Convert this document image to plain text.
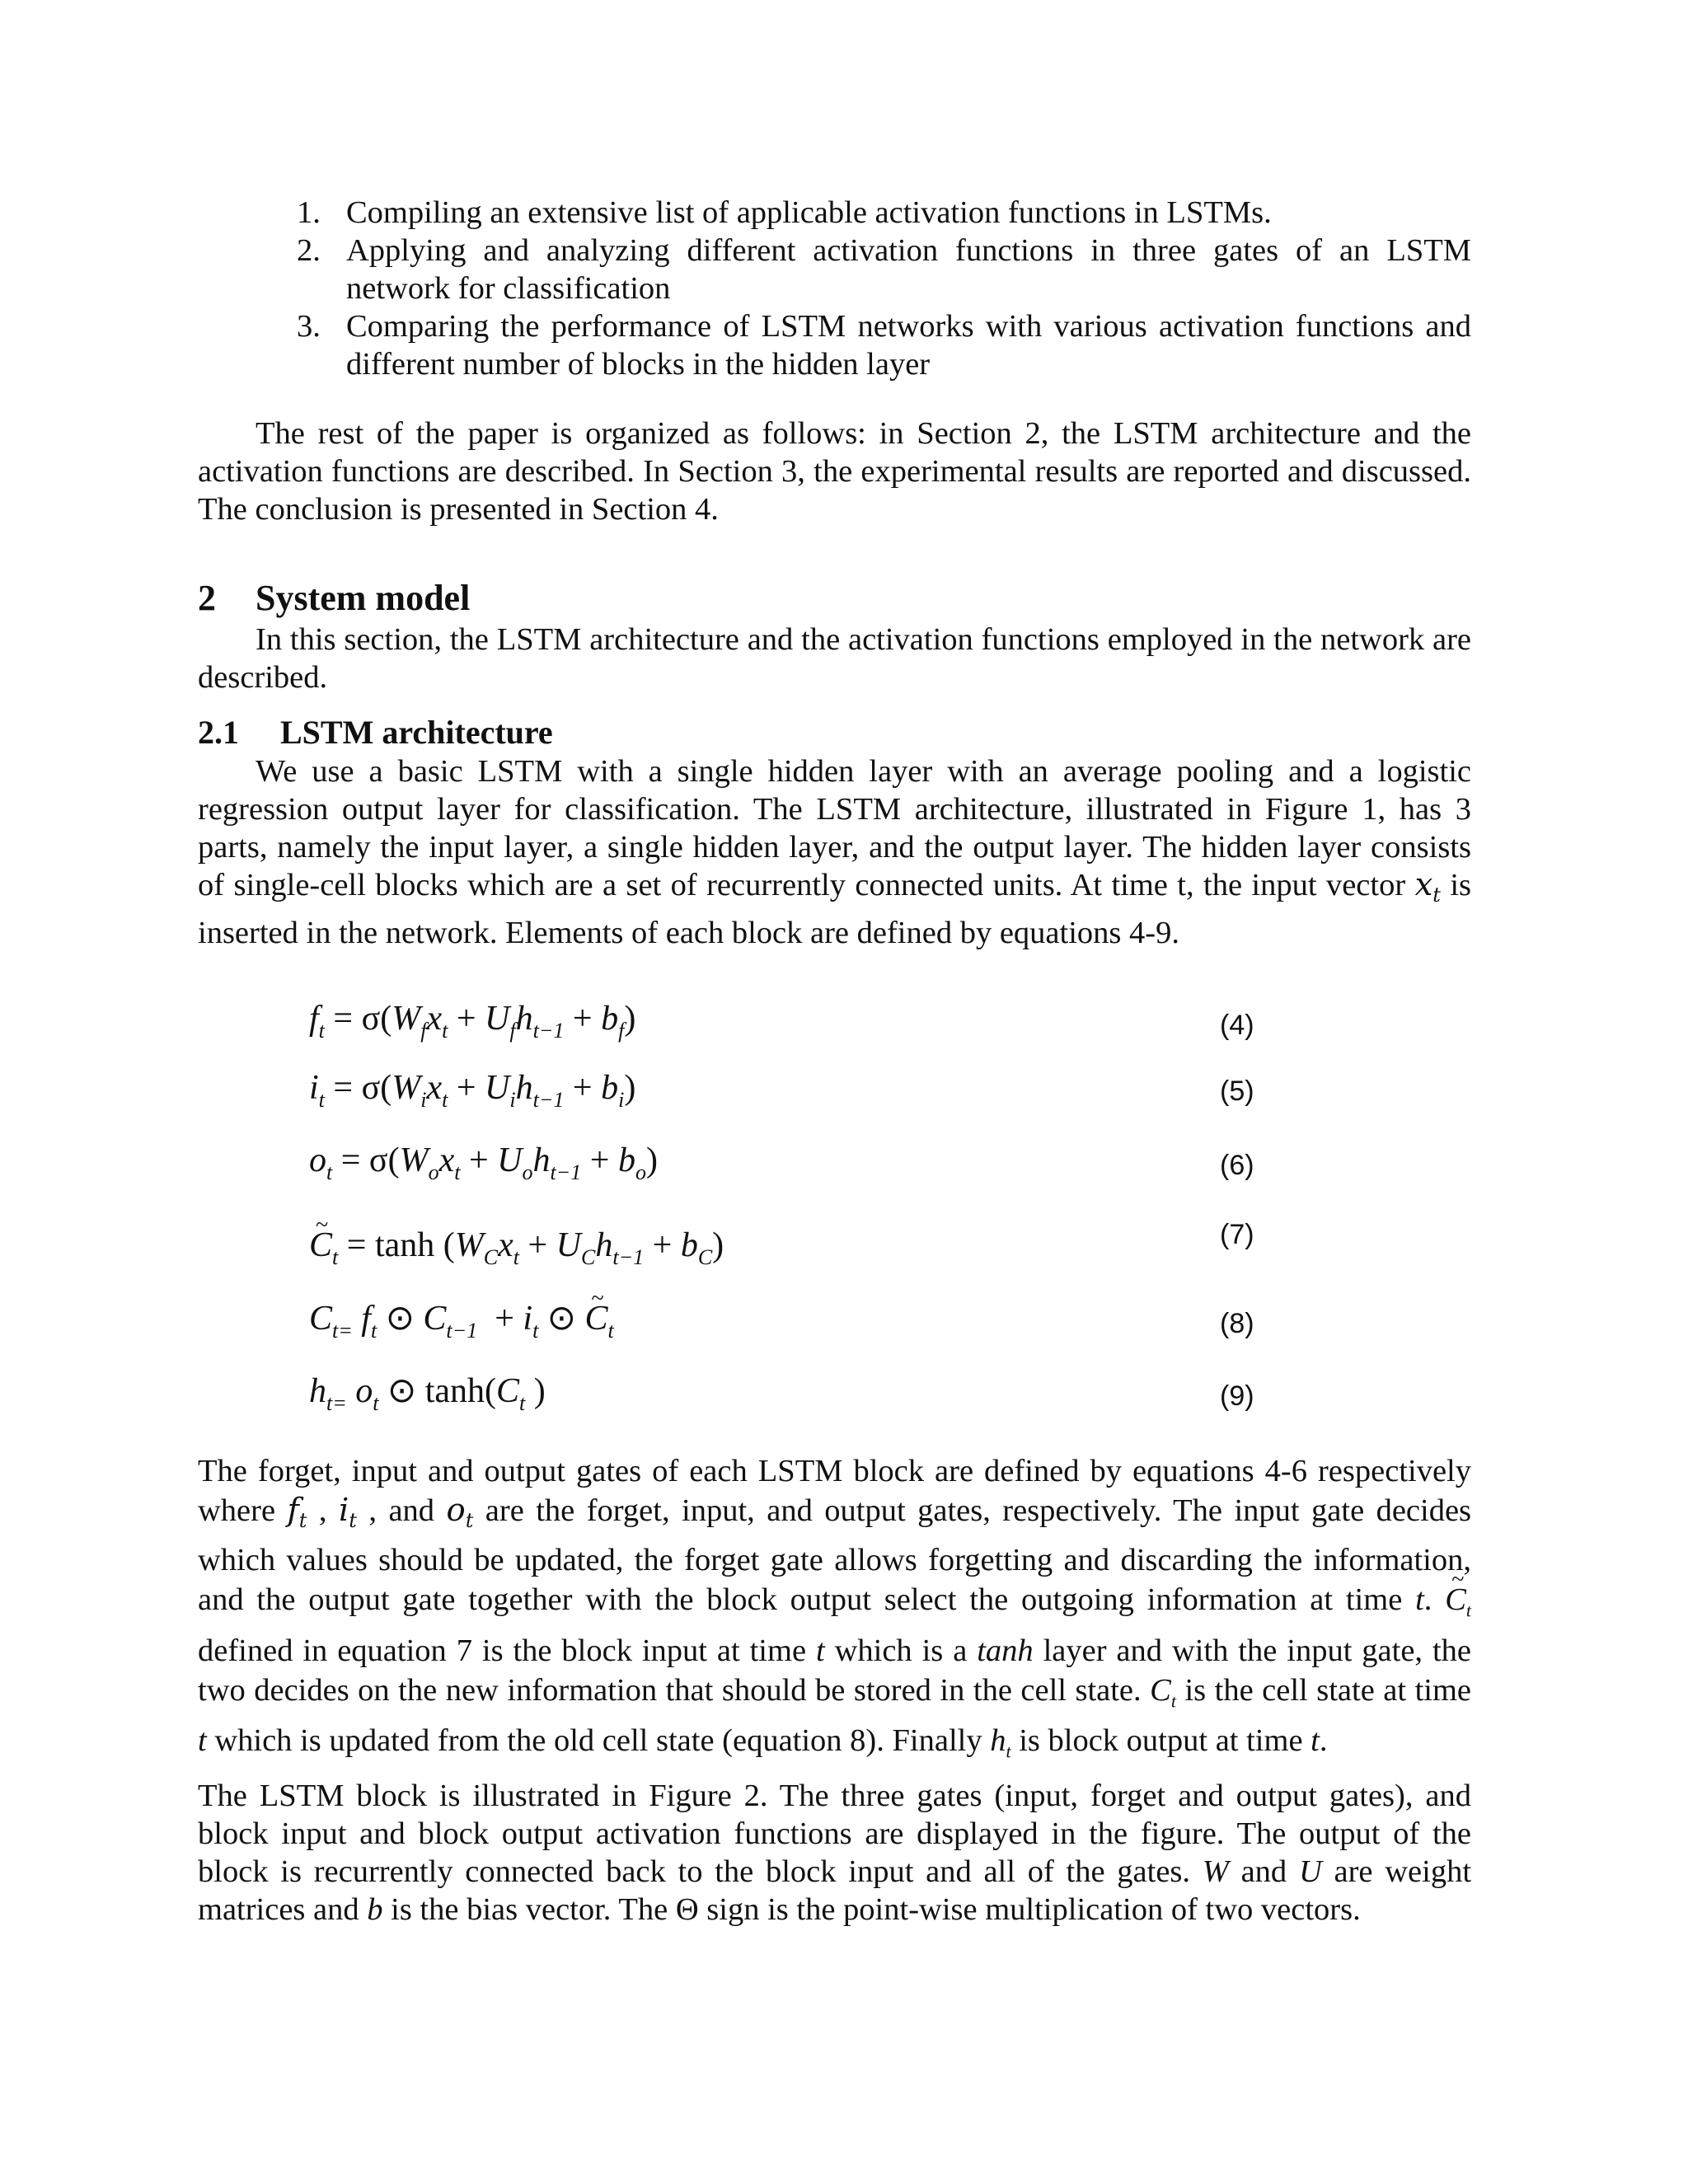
1. Compiling an extensive list of applicable activation functions in LSTMs.
2. Applying and analyzing different activation functions in three gates of an LSTM network for classification
3. Comparing the performance of LSTM networks with various activation functions and different number of blocks in the hidden layer

The rest of the paper is organized as follows: in Section 2, the LSTM architecture and the activation functions are described. In Section 3, the experimental results are reported and discussed. The conclusion is presented in Section 4.

2 System model

In this section, the LSTM architecture and the activation functions employed in the network are described.

2.1 LSTM architecture

We use a basic LSTM with a single hidden layer with an average pooling and a logistic regression output layer for classification. The LSTM architecture, illustrated in Figure 1, has 3 parts, namely the input layer, a single hidden layer, and the output layer. The hidden layer consists of single-cell blocks which are a set of recurrently connected units. At time t, the input vector $x_t$ is inserted in the network. Elements of each block are defined by equations 4-9.

$f_t = \sigma(W_fx_t + U_fh_{t-1} + b_f)$	(4)
$i_t = \sigma(W_ix_t + U_ih_{t-1} + b_i)$	(5)
$o_t = \sigma(W_ox_t + U_oh_{t-1} + b_o)$	(6)
~ $C_t = \tanh (W_Cx_t + U_Ch_{t-1} + b_C)$	(7)
$C_{t=}$ $f_t$ ⊙ $C_{t-1} + i_t$ ⊙ ~ $C_t$	(8)
$h_{t=}$ $o_t$ ⊙ $\tanh(C_t$ )	(9)

The forget, input and output gates of each LSTM block are defined by equations 4-6 respectively where $f_t$ , $i_t$ , and $o_t$ are the forget, input, and output gates, respectively. The input gate decides which values should be updated, the forget gate allows forgetting and discarding the information, and the output gate together with the block output select the outgoing information at time t. ~ $C_t$ defined in equation 7 is the block input at time t which is a tanh layer and with the input gate, the two decides on the new information that should be stored in the cell state. $C_t$ is the cell state at time t which is updated from the old cell state (equation 8). Finally $h_t$ is block output at time t.

The LSTM block is illustrated in Figure 2. The three gates (input, forget and output gates), and block input and block output activation functions are displayed in the figure. The output of the block is recurrently connected back to the block input and all of the gates. W and U are weight matrices and b is the bias vector. The Θ sign is the point-wise multiplication of two vectors.
